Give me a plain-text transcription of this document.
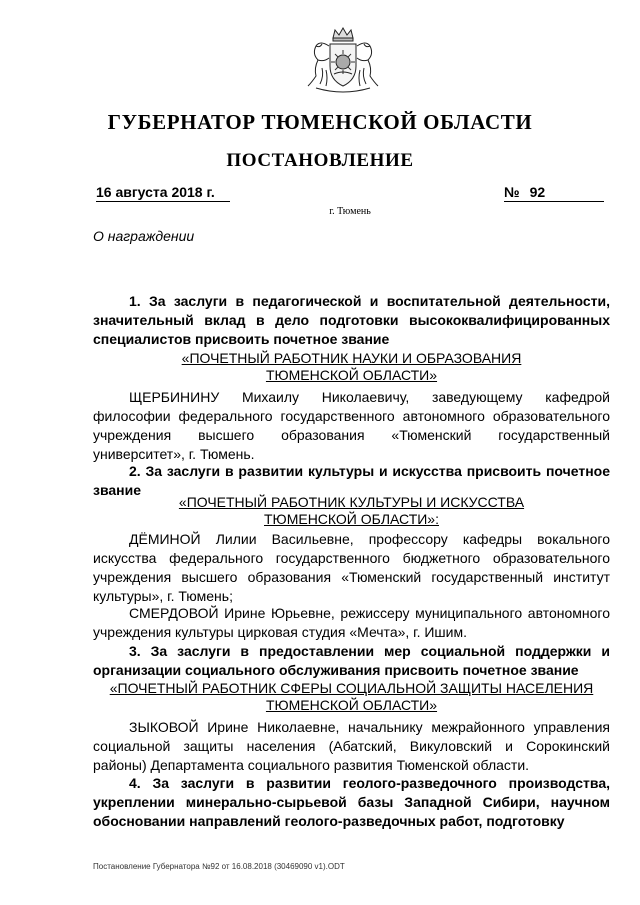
ГУБЕРНАТОР ТЮМЕНСКОЙ ОБЛАСТИ
ПОСТАНОВЛЕНИЕ
16 августа 2018 г.	№ 92
г. Тюмень
О награждении
1. За заслуги в педагогической и воспитательной деятельности, значительный вклад в дело подготовки высококвалифицированных специалистов присвоить почетное звание
«ПОЧЕТНЫЙ РАБОТНИК НАУКИ И ОБРАЗОВАНИЯ
ТЮМЕНСКОЙ ОБЛАСТИ»
ЩЕРБИНИНУ Михаилу Николаевичу, заведующему кафедрой философии федерального государственного автономного образовательного учреждения высшего образования «Тюменский государственный университет», г. Тюмень.
2. За заслуги в развитии культуры и искусства присвоить почетное звание
«ПОЧЕТНЫЙ РАБОТНИК КУЛЬТУРЫ И ИСКУССТВА
ТЮМЕНСКОЙ ОБЛАСТИ»:
ДЁМИНОЙ Лилии Васильевне, профессору кафедры вокального искусства федерального государственного бюджетного образовательного учреждения высшего образования «Тюменский государственный институт культуры», г. Тюмень;
СМЕРДОВОЙ Ирине Юрьевне, режиссеру муниципального автономного учреждения культуры цирковая студия «Мечта», г. Ишим.
3. За заслуги в предоставлении мер социальной поддержки и организации социального обслуживания присвоить почетное звание
«ПОЧЕТНЫЙ РАБОТНИК СФЕРЫ СОЦИАЛЬНОЙ ЗАЩИТЫ НАСЕЛЕНИЯ
ТЮМЕНСКОЙ ОБЛАСТИ»
ЗЫКОВОЙ Ирине Николаевне, начальнику межрайонного управления социальной защиты населения (Абатский, Викуловский и Сорокинский районы) Департамента социального развития Тюменской области.
4. За заслуги в развитии геолого-разведочного производства, укреплении минерально-сырьевой базы Западной Сибири, научном обосновании направлений геолого-разведочных работ, подготовку
Постановление Губернатора №92 от 16.08.2018 (30469090 v1).ODT
